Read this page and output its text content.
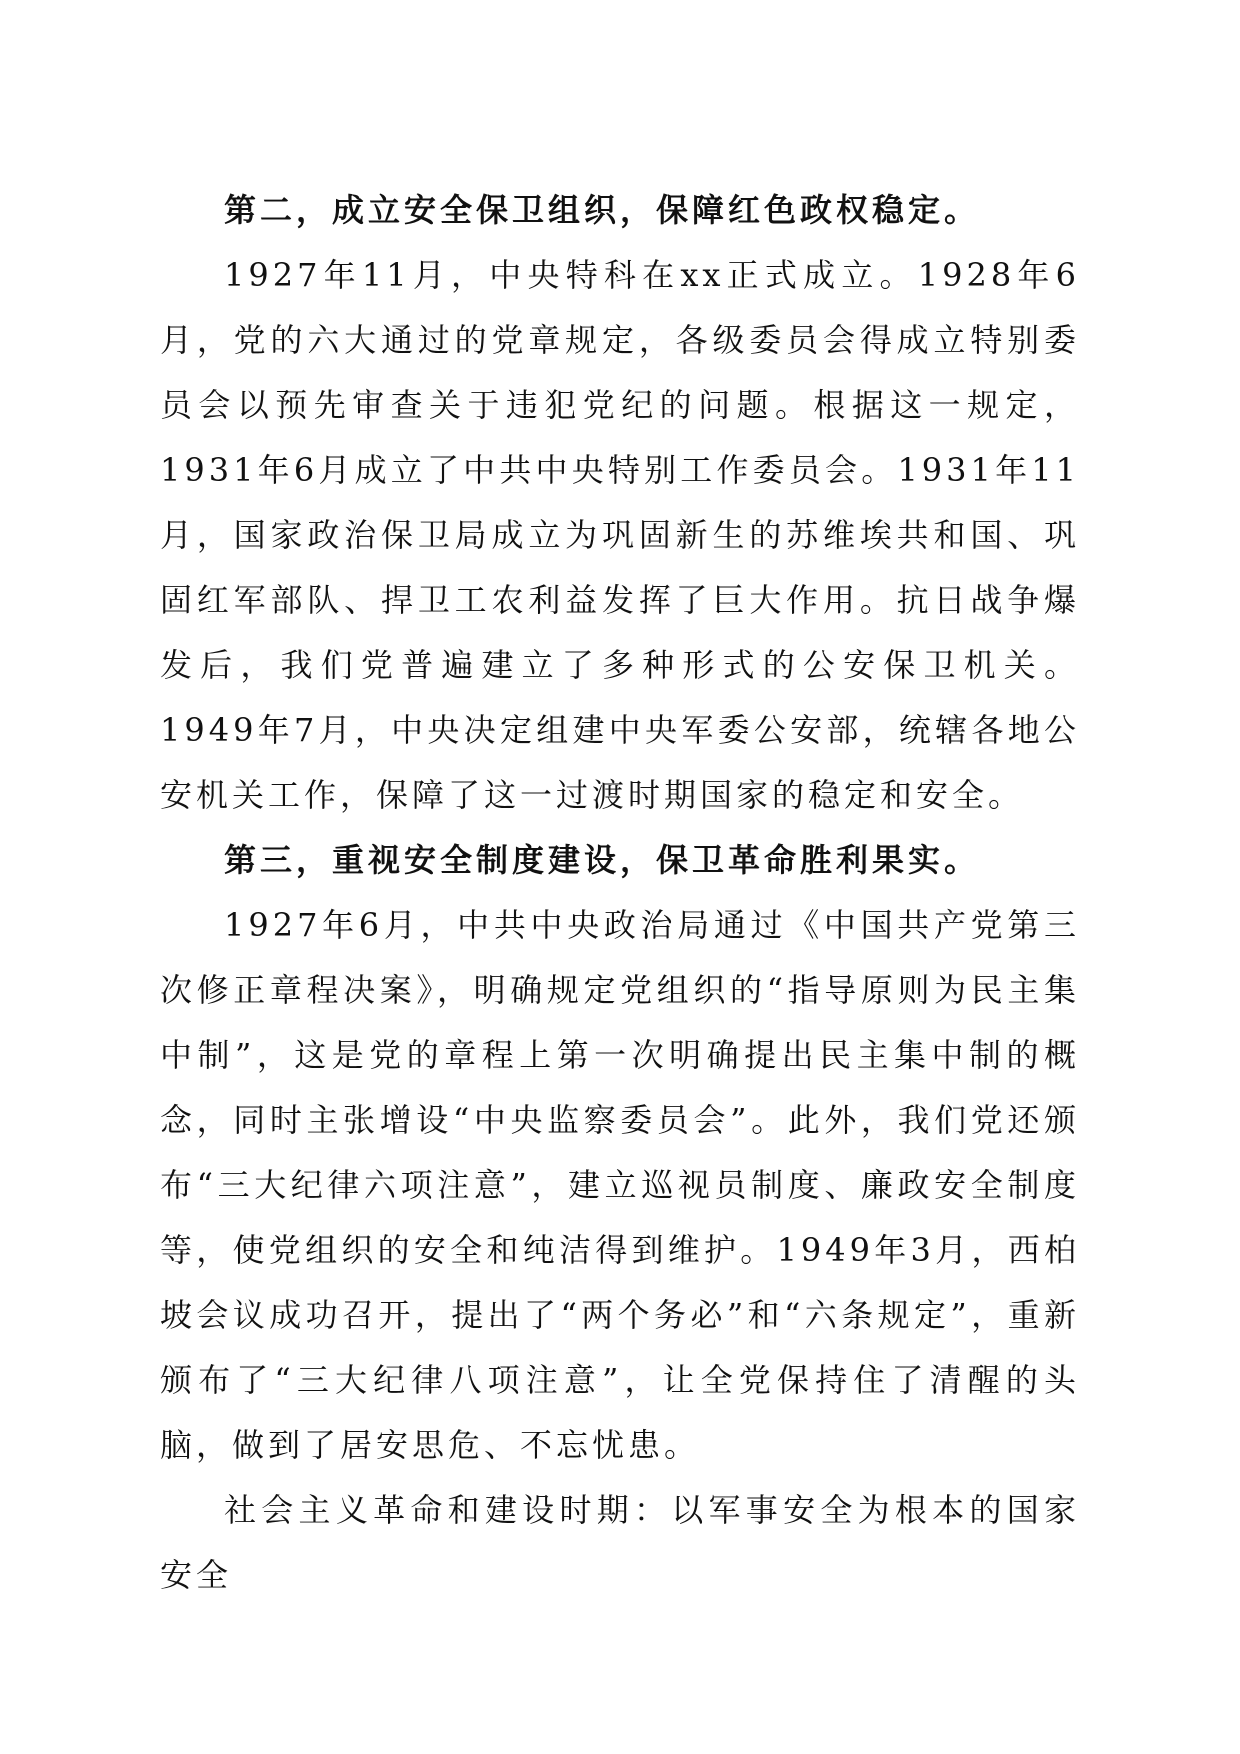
第二，成立安全保卫组织，保障红色政权稳定。

1927年11月，中央特科在xx正式成立。1928年6月，党的六大通过的党章规定，各级委员会得成立特别委员会以预先审查关于违犯党纪的问题。根据这一规定，1931年6月成立了中共中央特别工作委员会。1931年11月，国家政治保卫局成立为巩固新生的苏维埃共和国、巩固红军部队、捍卫工农利益发挥了巨大作用。抗日战争爆发后，我们党普遍建立了多种形式的公安保卫机关。1949年7月，中央决定组建中央军委公安部，统辖各地公安机关工作，保障了这一过渡时期国家的稳定和安全。

第三，重视安全制度建设，保卫革命胜利果实。

1927年6月，中共中央政治局通过《中国共产党第三次修正章程决案》，明确规定党组织的“指导原则为民主集中制”，这是党的章程上第一次明确提出民主集中制的概念，同时主张增设“中央监察委员会”。此外，我们党还颁布“三大纪律六项注意”，建立巡视员制度、廉政安全制度等，使党组织的安全和纯洁得到维护。1949年3月，西柏坡会议成功召开，提出了“两个务必”和“六条规定”，重新颁布了“三大纪律八项注意”，让全党保持住了清醒的头脑，做到了居安思危、不忘忧患。

社会主义革命和建设时期：以军事安全为根本的国家安全
